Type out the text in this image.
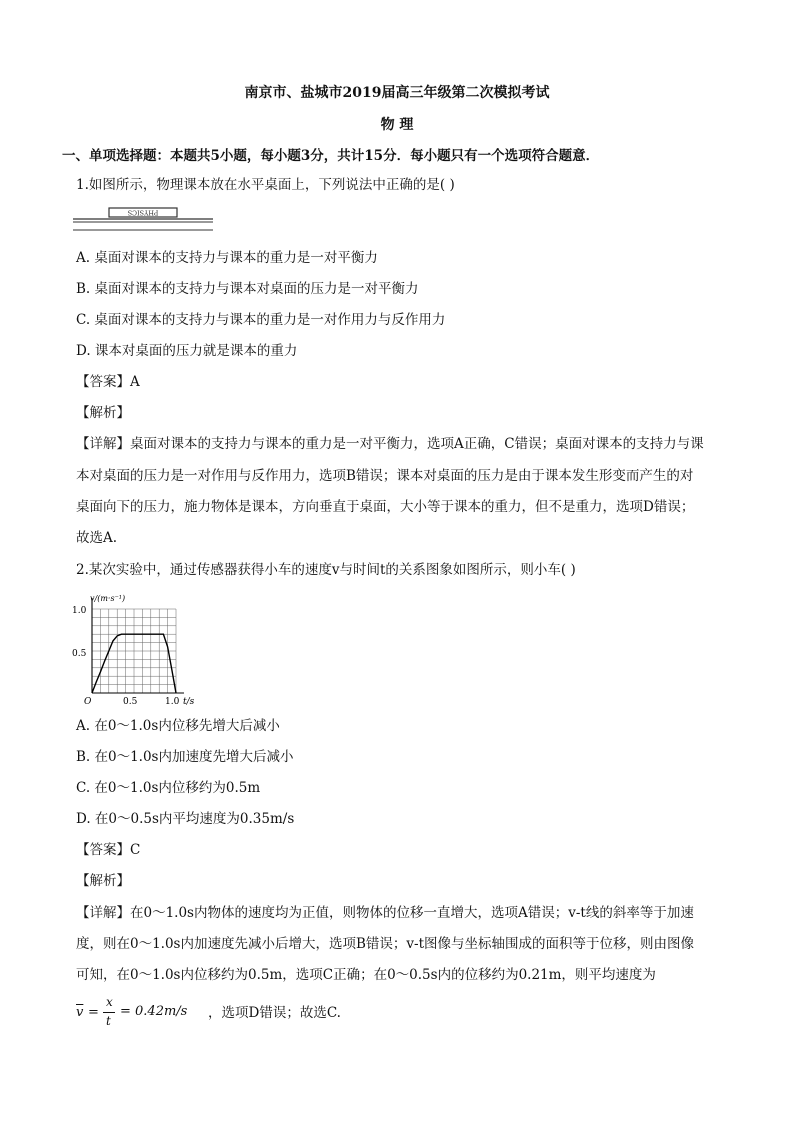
南京市、盐城市2019届高三年级第二次模拟考试
物 理
一、单项选择题：本题共5小题，每小题3分，共计15分．每小题只有一个选项符合题意．
1.如图所示，物理课本放在水平桌面上，下列说法中正确的是( )
PHYSICS
A. 桌面对课本的支持力与课本的重力是一对平衡力
B. 桌面对课本的支持力与课本对桌面的压力是一对平衡力
C. 桌面对课本的支持力与课本的重力是一对作用力与反作用力
D. 课本对桌面的压力就是课本的重力
【答案】A
【解析】
【详解】桌面对课本的支持力与课本的重力是一对平衡力，选项A正确，C错误；桌面对课本的支持力与课
本对桌面的压力是一对作用与反作用力，选项B错误；课本对桌面的压力是由于课本发生形变而产生的对
桌面向下的压力，施力物体是课本，方向垂直于桌面，大小等于课本的重力，但不是重力，选项D错误；
故选A.
2.某次实验中，通过传感器获得小车的速度v与时间t的关系图象如图所示，则小车( )
v/(m·s⁻¹)
t/s
O
0.5
1.0
0.5	1.0
A. 在0～1.0s内位移先增大后减小
B. 在0～1.0s内加速度先增大后减小
C. 在0～1.0s内位移约为0.5m
D. 在0～0.5s内平均速度为0.35m/s
【答案】C
【解析】
【详解】在0～1.0s内物体的速度均为正值，则物体的位移一直增大，选项A错误；v-t线的斜率等于加速
度，则在0～1.0s内加速度先减小后增大，选项B错误；v-t图像与坐标轴围成的面积等于位移，则由图像
可知，在0～1.0s内位移约为0.5m，选项C正确；在0～0.5s内的位移约为0.21m，则平均速度为
$\overline{v}$ =
x
t
= 0.42m/s ，选项D错误；故选C.
